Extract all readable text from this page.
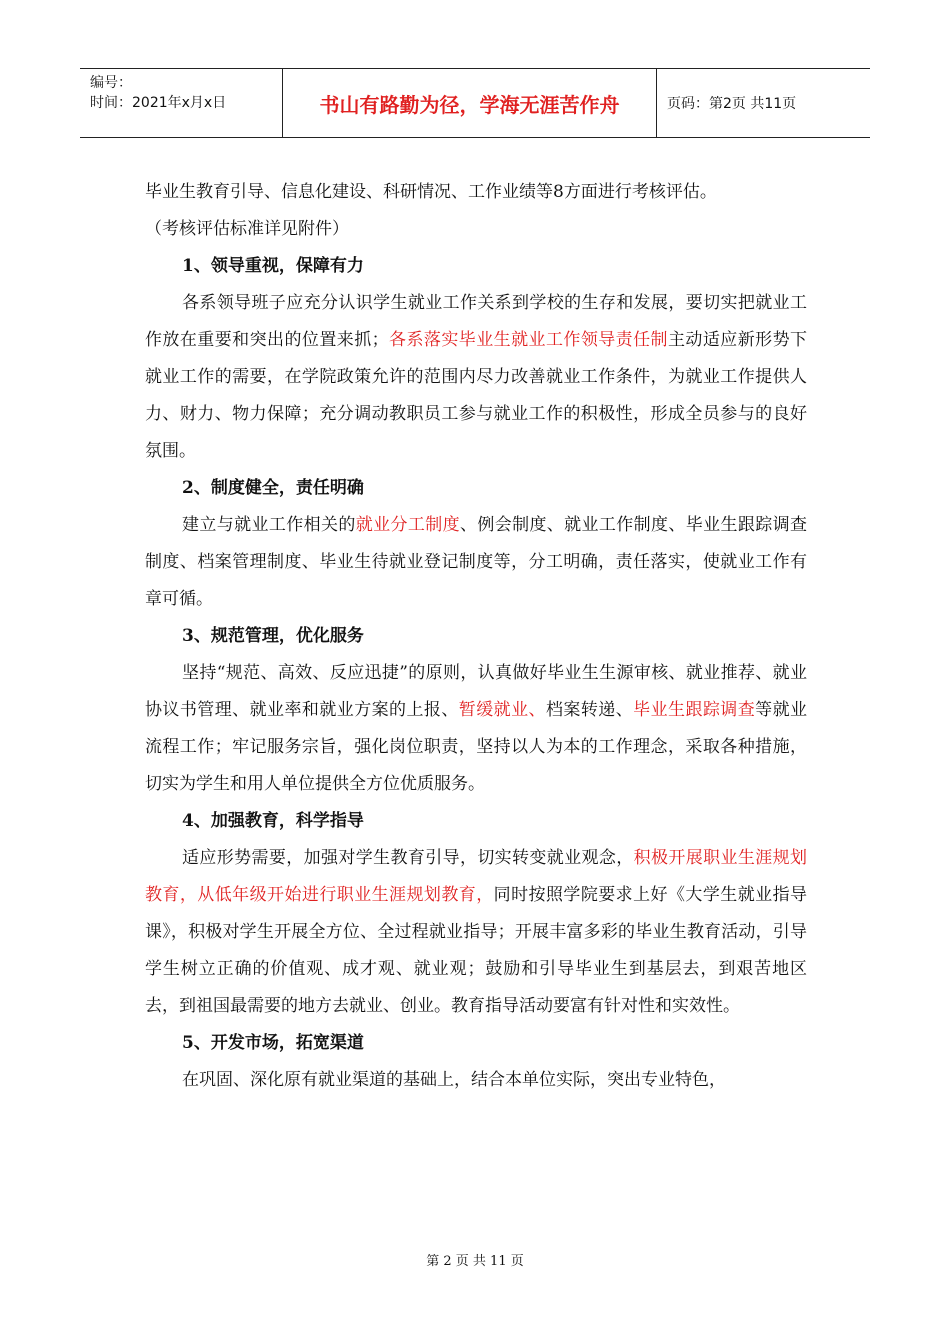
编号：
时间：2021年x月x日	书山有路勤为径，学海无涯苦作舟	页码：第2页 共11页

毕业生教育引导、信息化建设、科研情况、工作业绩等8方面进行考核评估。

（考核评估标准详见附件）

1、领导重视，保障有力

各系领导班子应充分认识学生就业工作关系到学校的生存和发展，要切实把就业工作放在重要和突出的位置来抓；各系落实毕业生就业工作领导责任制主动适应新形势下就业工作的需要，在学院政策允许的范围内尽力改善就业工作条件，为就业工作提供人力、财力、物力保障；充分调动教职员工参与就业工作的积极性，形成全员参与的良好氛围。

2、制度健全，责任明确

建立与就业工作相关的就业分工制度、例会制度、就业工作制度、毕业生跟踪调查制度、档案管理制度、毕业生待就业登记制度等，分工明确，责任落实，使就业工作有章可循。

3、规范管理，优化服务

坚持“规范、高效、反应迅捷”的原则，认真做好毕业生生源审核、就业推荐、就业协议书管理、就业率和就业方案的上报、暂缓就业、档案转递、毕业生跟踪调查等就业流程工作；牢记服务宗旨，强化岗位职责，坚持以人为本的工作理念，采取各种措施，切实为学生和用人单位提供全方位优质服务。

4、加强教育，科学指导

适应形势需要，加强对学生教育引导，切实转变就业观念，积极开展职业生涯规划教育，从低年级开始进行职业生涯规划教育，同时按照学院要求上好《大学生就业指导课》，积极对学生开展全方位、全过程就业指导；开展丰富多彩的毕业生教育活动，引导学生树立正确的价值观、成才观、就业观；鼓励和引导毕业生到基层去，到艰苦地区去，到祖国最需要的地方去就业、创业。教育指导活动要富有针对性和实效性。

5、开发市场，拓宽渠道

在巩固、深化原有就业渠道的基础上，结合本单位实际，突出专业特色，

第 2 页 共 11 页
